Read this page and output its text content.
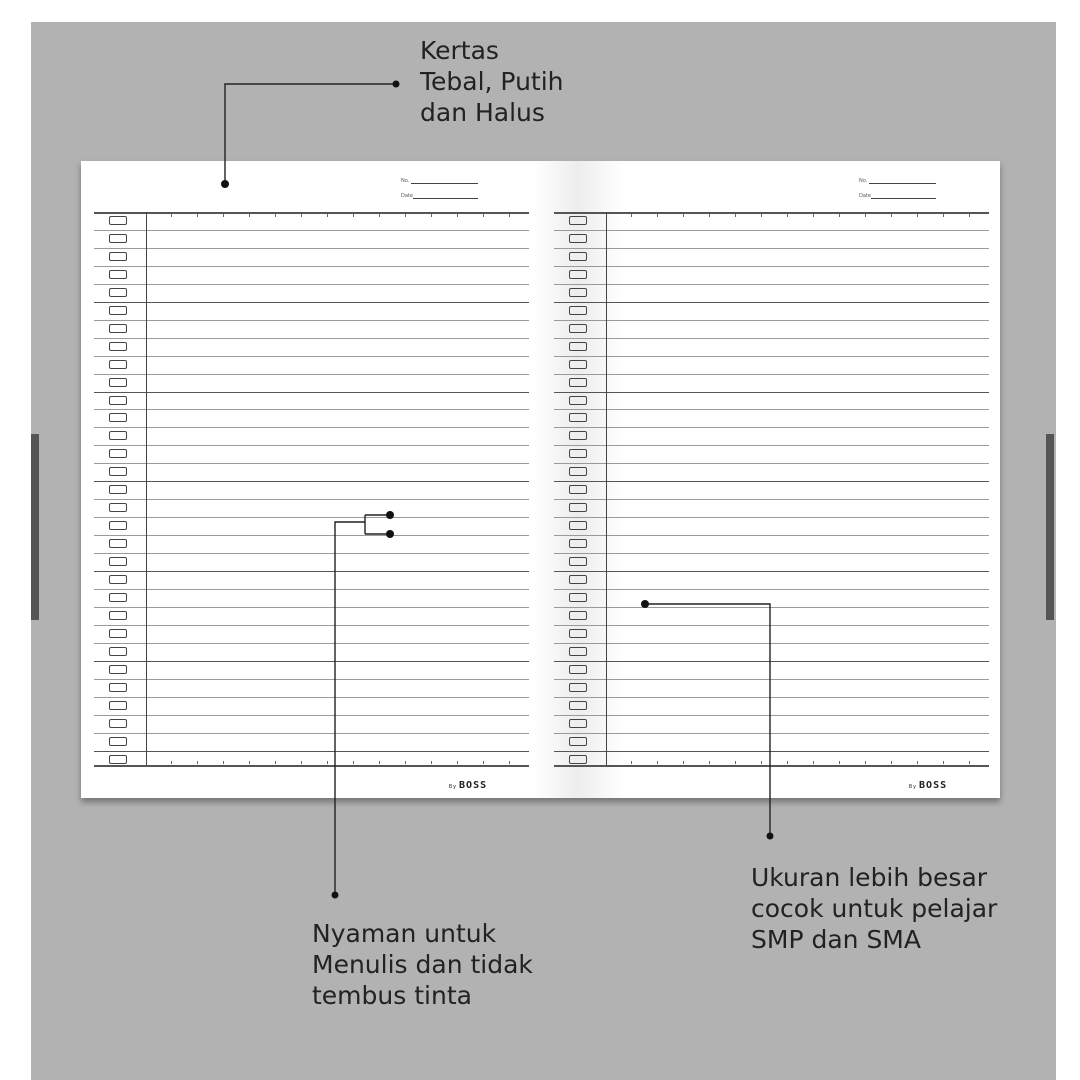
No.
Date
By BOSS
No.
Date
By BOSS
Kertas
Tebal, Putih
dan Halus
Nyaman untuk
Menulis dan tidak
tembus tinta
Ukuran lebih besar
cocok untuk pelajar
SMP dan SMA
